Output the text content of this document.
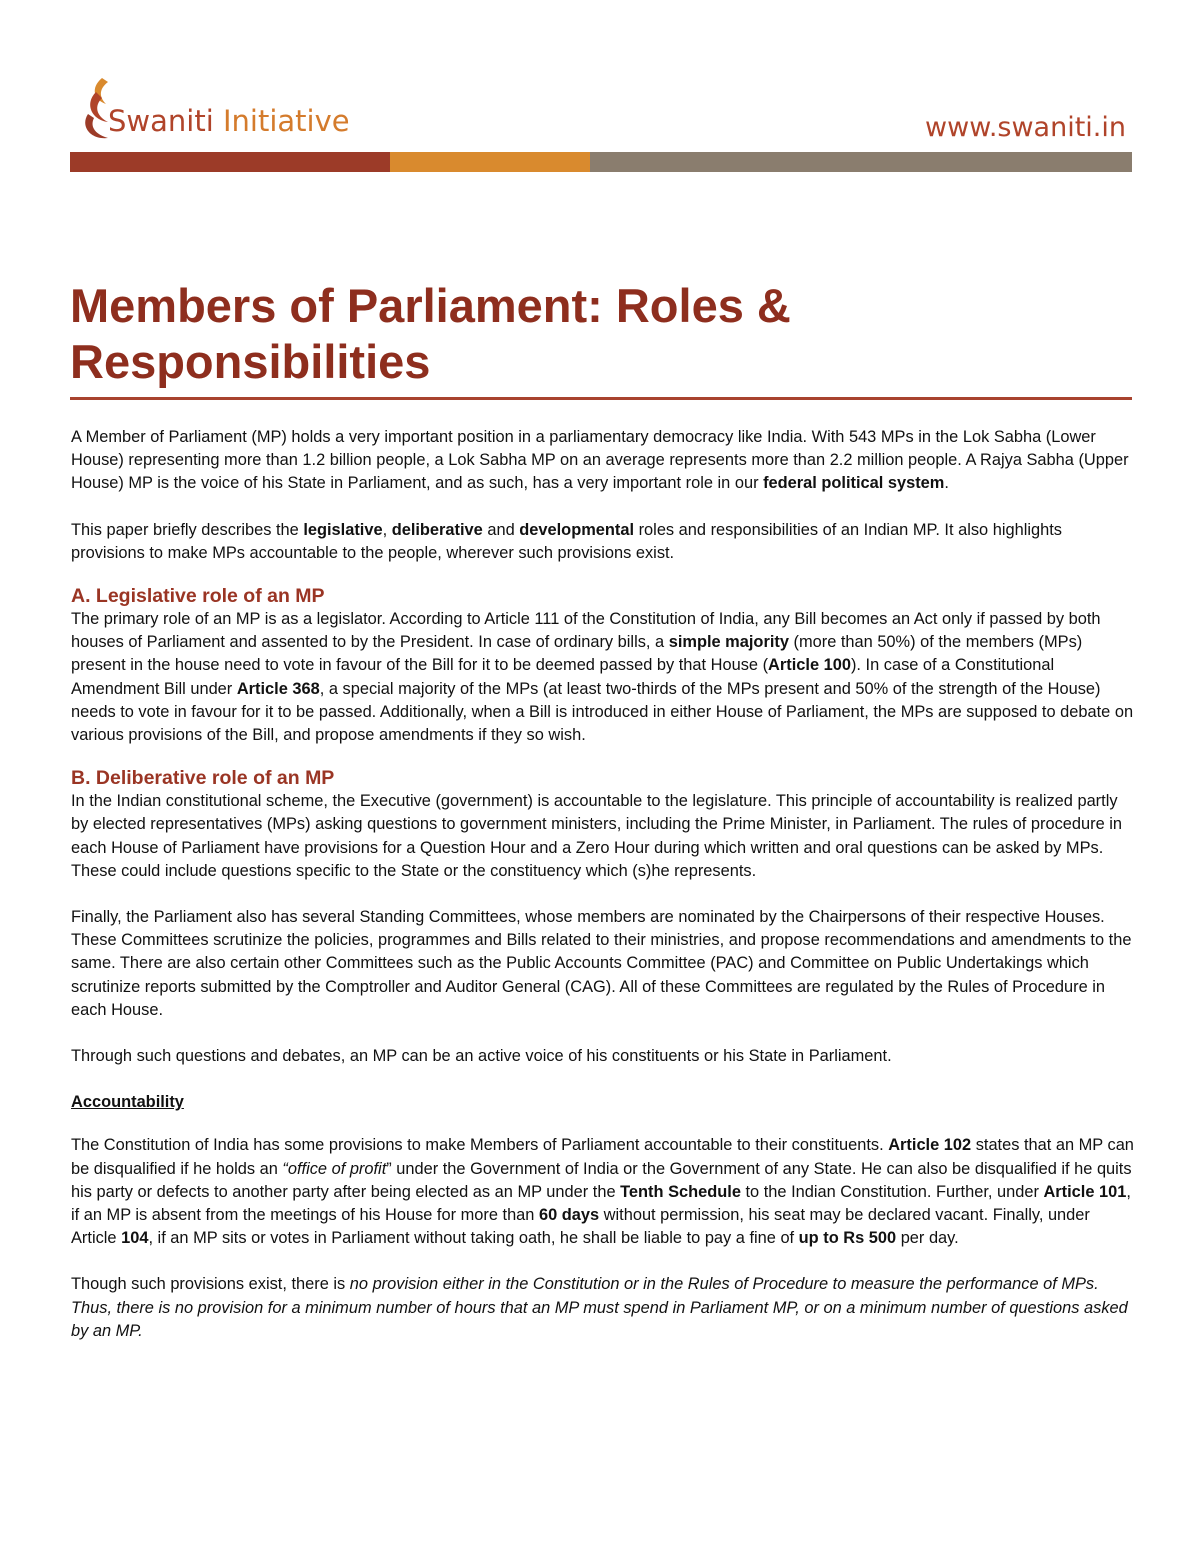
Swaniti Initiative	www.swaniti.in
Members of Parliament: Roles & Responsibilities

A Member of Parliament (MP) holds a very important position in a parliamentary democracy like India. With 543 MPs in the Lok Sabha (Lower House) representing more than 1.2 billion people, a Lok Sabha MP on an average represents more than 2.2 million people. A Rajya Sabha (Upper House) MP is the voice of his State in Parliament, and as such, has a very important role in our federal political system.

This paper briefly describes the legislative, deliberative and developmental roles and responsibilities of an Indian MP. It also highlights provisions to make MPs accountable to the people, wherever such provisions exist.

A. Legislative role of an MP

The primary role of an MP is as a legislator. According to Article 111 of the Constitution of India, any Bill becomes an Act only if passed by both houses of Parliament and assented to by the President. In case of ordinary bills, a simple majority (more than 50%) of the members (MPs) present in the house need to vote in favour of the Bill for it to be deemed passed by that House (Article 100). In case of a Constitutional Amendment Bill under Article 368, a special majority of the MPs (at least two-thirds of the MPs present and 50% of the strength of the House) needs to vote in favour for it to be passed. Additionally, when a Bill is introduced in either House of Parliament, the MPs are supposed to debate on various provisions of the Bill, and propose amendments if they so wish.

B. Deliberative role of an MP

In the Indian constitutional scheme, the Executive (government) is accountable to the legislature. This principle of accountability is realized partly by elected representatives (MPs) asking questions to government ministers, including the Prime Minister, in Parliament. The rules of procedure in each House of Parliament have provisions for a Question Hour and a Zero Hour during which written and oral questions can be asked by MPs. These could include questions specific to the State or the constituency which (s)he represents.

Finally, the Parliament also has several Standing Committees, whose members are nominated by the Chairpersons of their respective Houses. These Committees scrutinize the policies, programmes and Bills related to their ministries, and propose recommendations and amendments to the same. There are also certain other Committees such as the Public Accounts Committee (PAC) and Committee on Public Undertakings which scrutinize reports submitted by the Comptroller and Auditor General (CAG). All of these Committees are regulated by the Rules of Procedure in each House.

Through such questions and debates, an MP can be an active voice of his constituents or his State in Parliament.

Accountability

The Constitution of India has some provisions to make Members of Parliament accountable to their constituents. Article 102 states that an MP can be disqualified if he holds an “office of profit” under the Government of India or the Government of any State. He can also be disqualified if he quits his party or defects to another party after being elected as an MP under the Tenth Schedule to the Indian Constitution. Further, under Article 101, if an MP is absent from the meetings of his House for more than 60 days without permission, his seat may be declared vacant. Finally, under Article 104, if an MP sits or votes in Parliament without taking oath, he shall be liable to pay a fine of up to Rs 500 per day.

Though such provisions exist, there is no provision either in the Constitution or in the Rules of Procedure to measure the performance of MPs. Thus, there is no provision for a minimum number of hours that an MP must spend in Parliament MP, or on a minimum number of questions asked by an MP.
